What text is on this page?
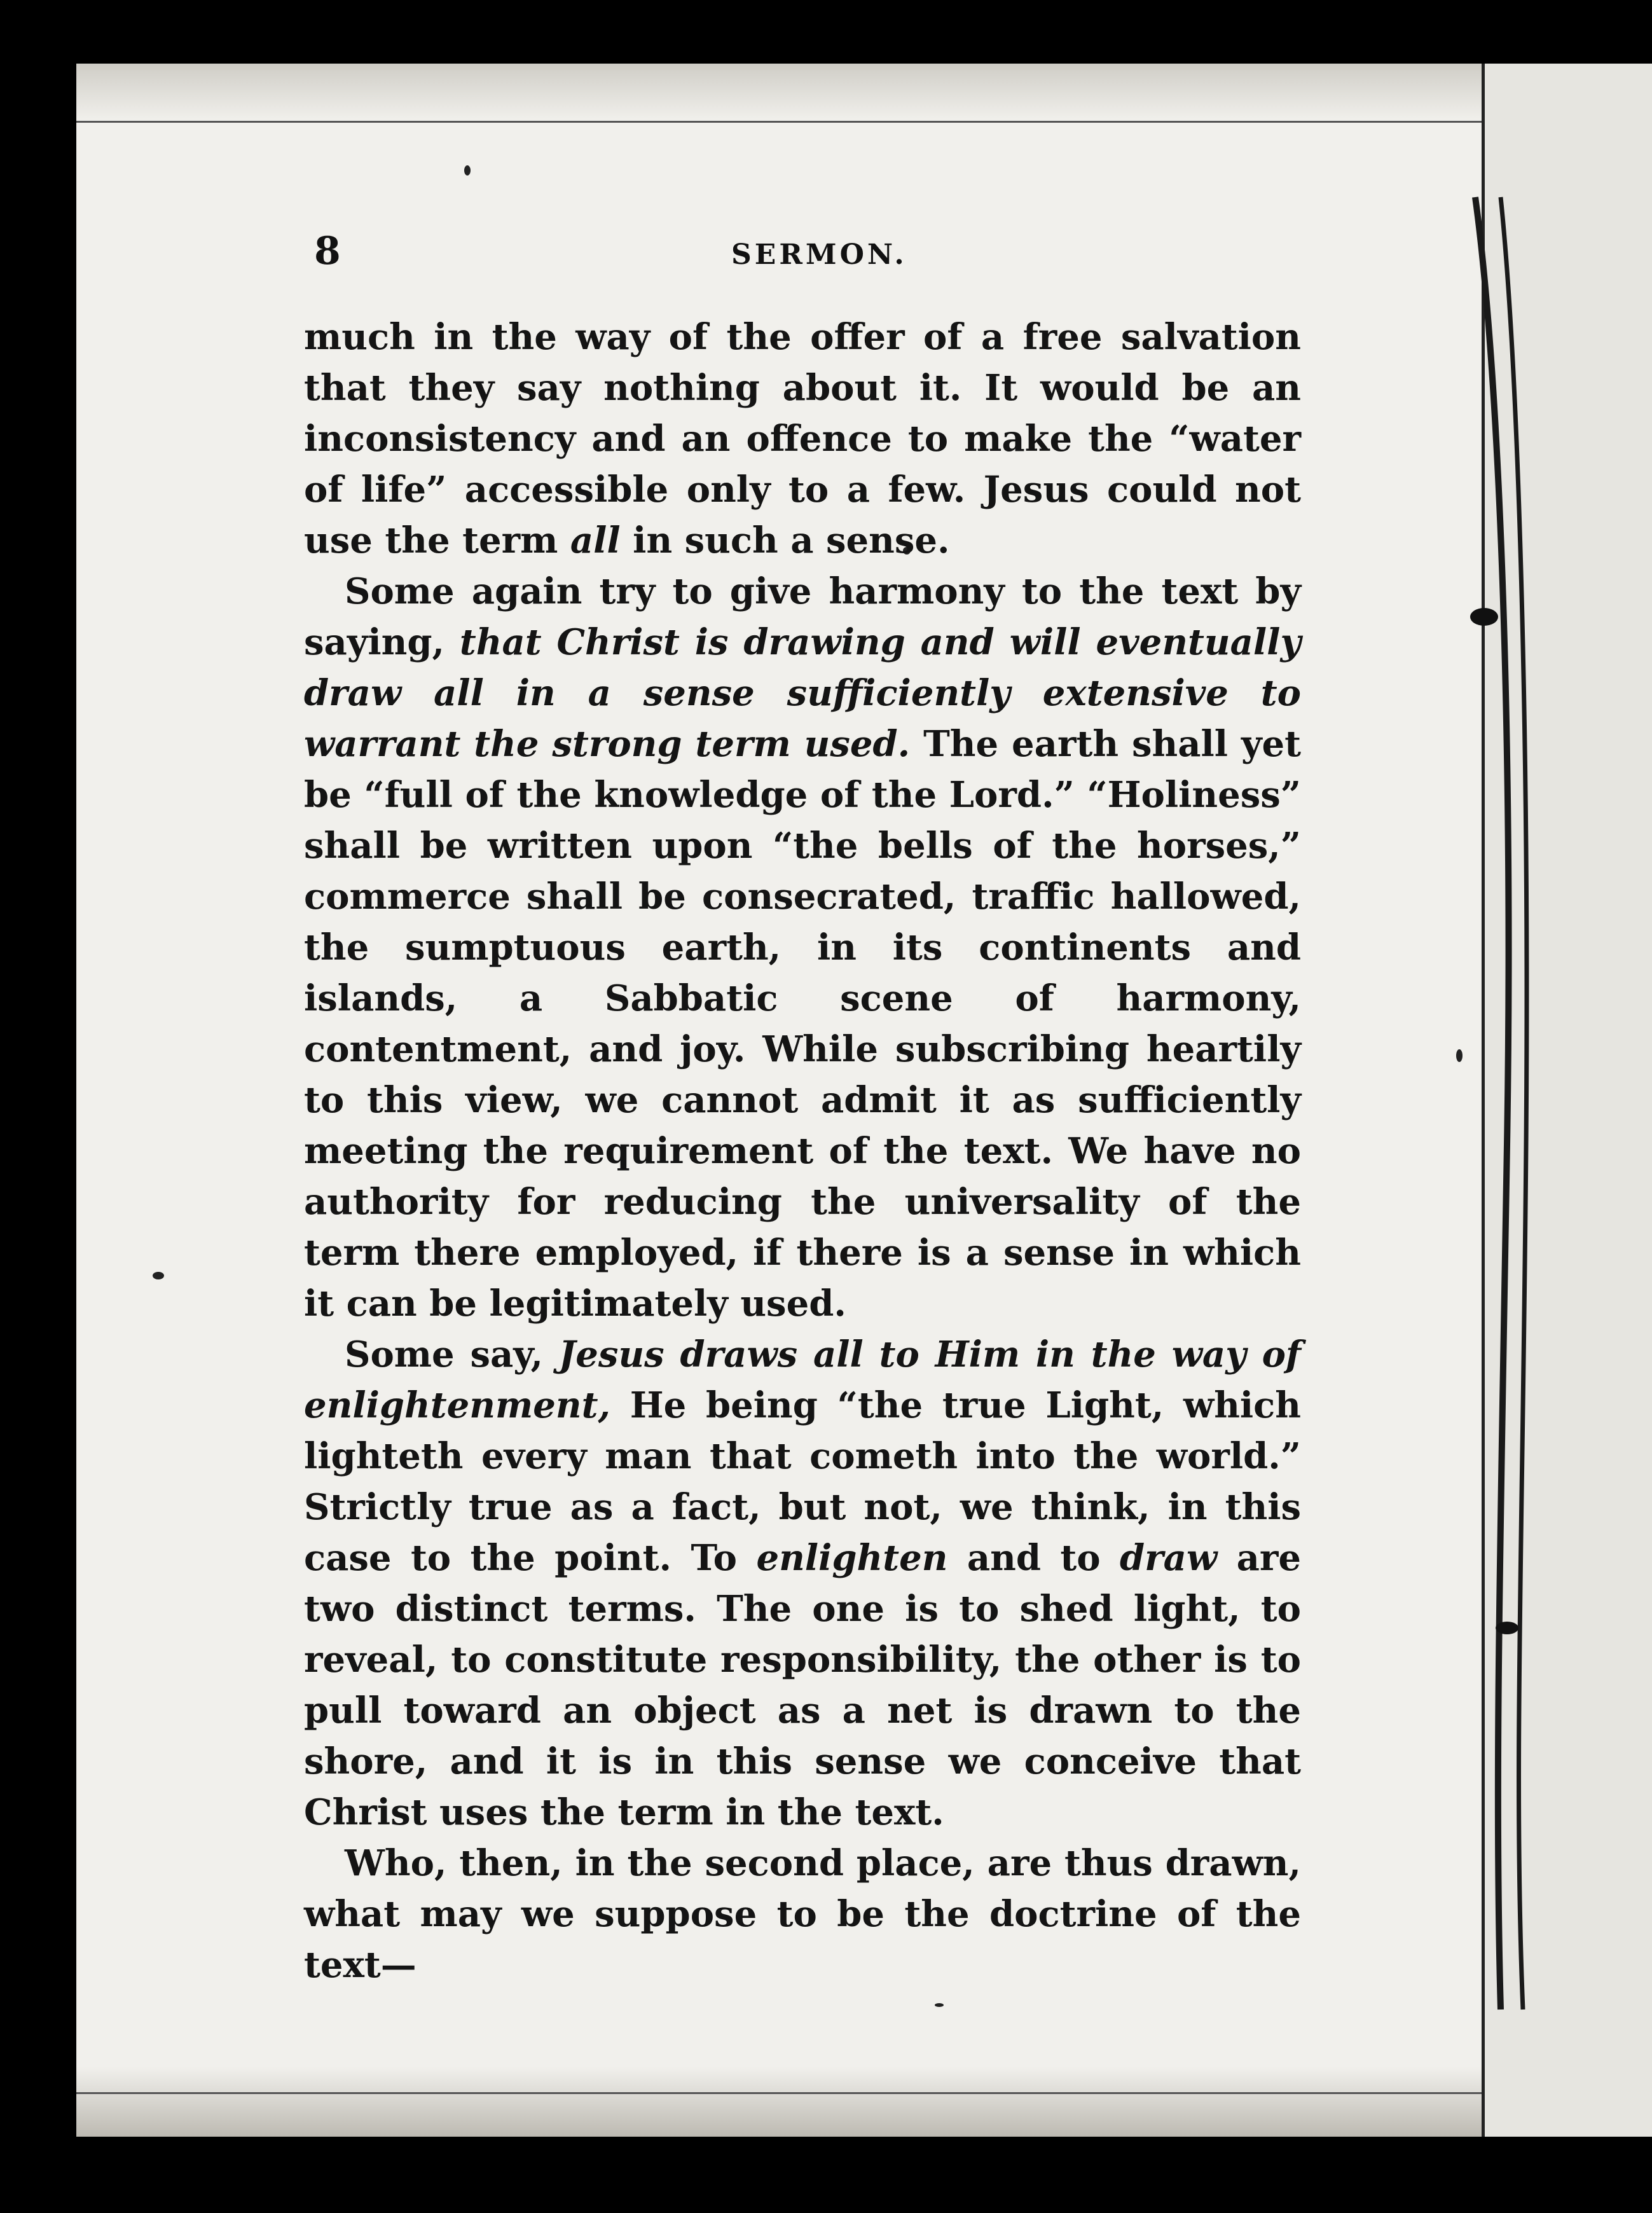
8	SERMON.

much in the way of the offer of a free salvation that they say nothing about it. It would be an inconsistency and an offence to make the “water of life” accessible only to a few. Jesus could not use the term all in such a sense.

Some again try to give harmony to the text by saying, that Christ is drawing and will eventually draw all in a sense sufficiently extensive to warrant the strong term used. The earth shall yet be “full of the knowledge of the Lord.” “Holiness” shall be written upon “the bells of the horses,” commerce shall be consecrated, traffic hallowed, the sumptuous earth, in its continents and islands, a Sabbatic scene of harmony, contentment, and joy. While subscribing heartily to this view, we cannot admit it as sufficiently meeting the requirement of the text. We have no authority for reducing the universality of the term there employed, if there is a sense in which it can be legitimately used.

Some say, Jesus draws all to Him in the way of enlightenment, He being “the true Light, which lighteth every man that cometh into the world.” Strictly true as a fact, but not, we think, in this case to the point. To enlighten and to draw are two distinct terms. The one is to shed light, to reveal, to constitute responsibility, the other is to pull toward an object as a net is drawn to the shore, and it is in this sense we conceive that Christ uses the term in the text.

Who, then, in the second place, are thus drawn, what may we suppose to be the doctrine of the text—
